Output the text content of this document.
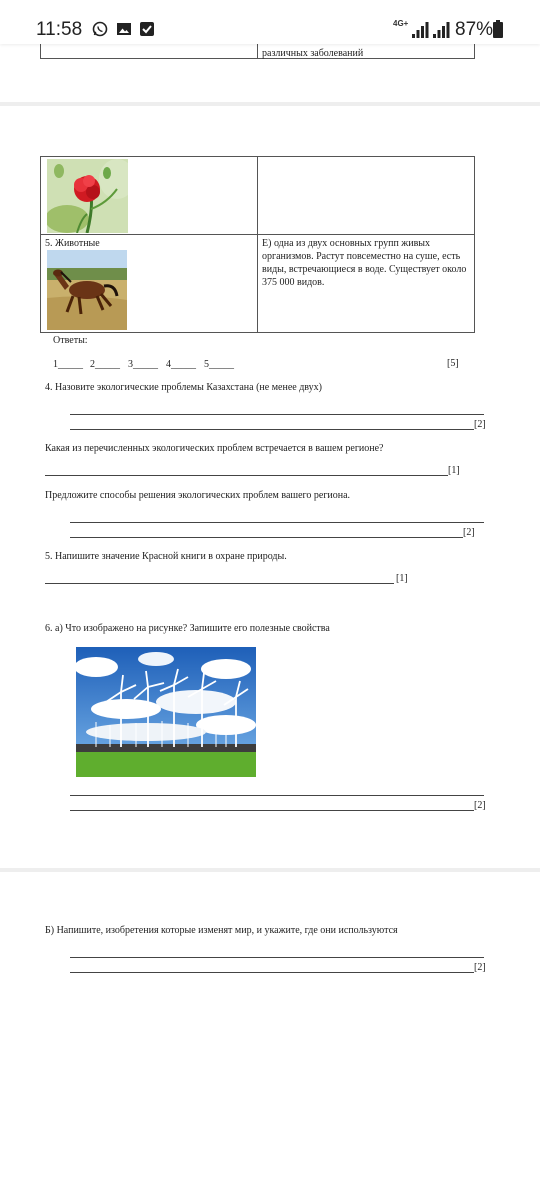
11:58	4G+ 87%
различных заболеваний
5. Животные	Е) одна из двух основных групп живых организмов. Растут повсеместно на суше, есть виды, встречающиеся в воде. Существует около 375 000 видов.
Ответы:
1_____ 2_____ 3_____ 4_____ 5_____	[5]
4. Назовите экологические проблемы Казахстана (не менее двух)
[2]
Какая из перечисленных экологических проблем встречается в вашем регионе?
[1]
Предложите способы решения экологических проблем вашего региона.
[2]
5. Напишите значение Красной книги в охране природы.
[1]
6. а) Что изображено на рисунке? Запишите его полезные свойства
[2]
Б) Напишите, изобретения которые изменят мир, и укажите, где они используются
[2]
